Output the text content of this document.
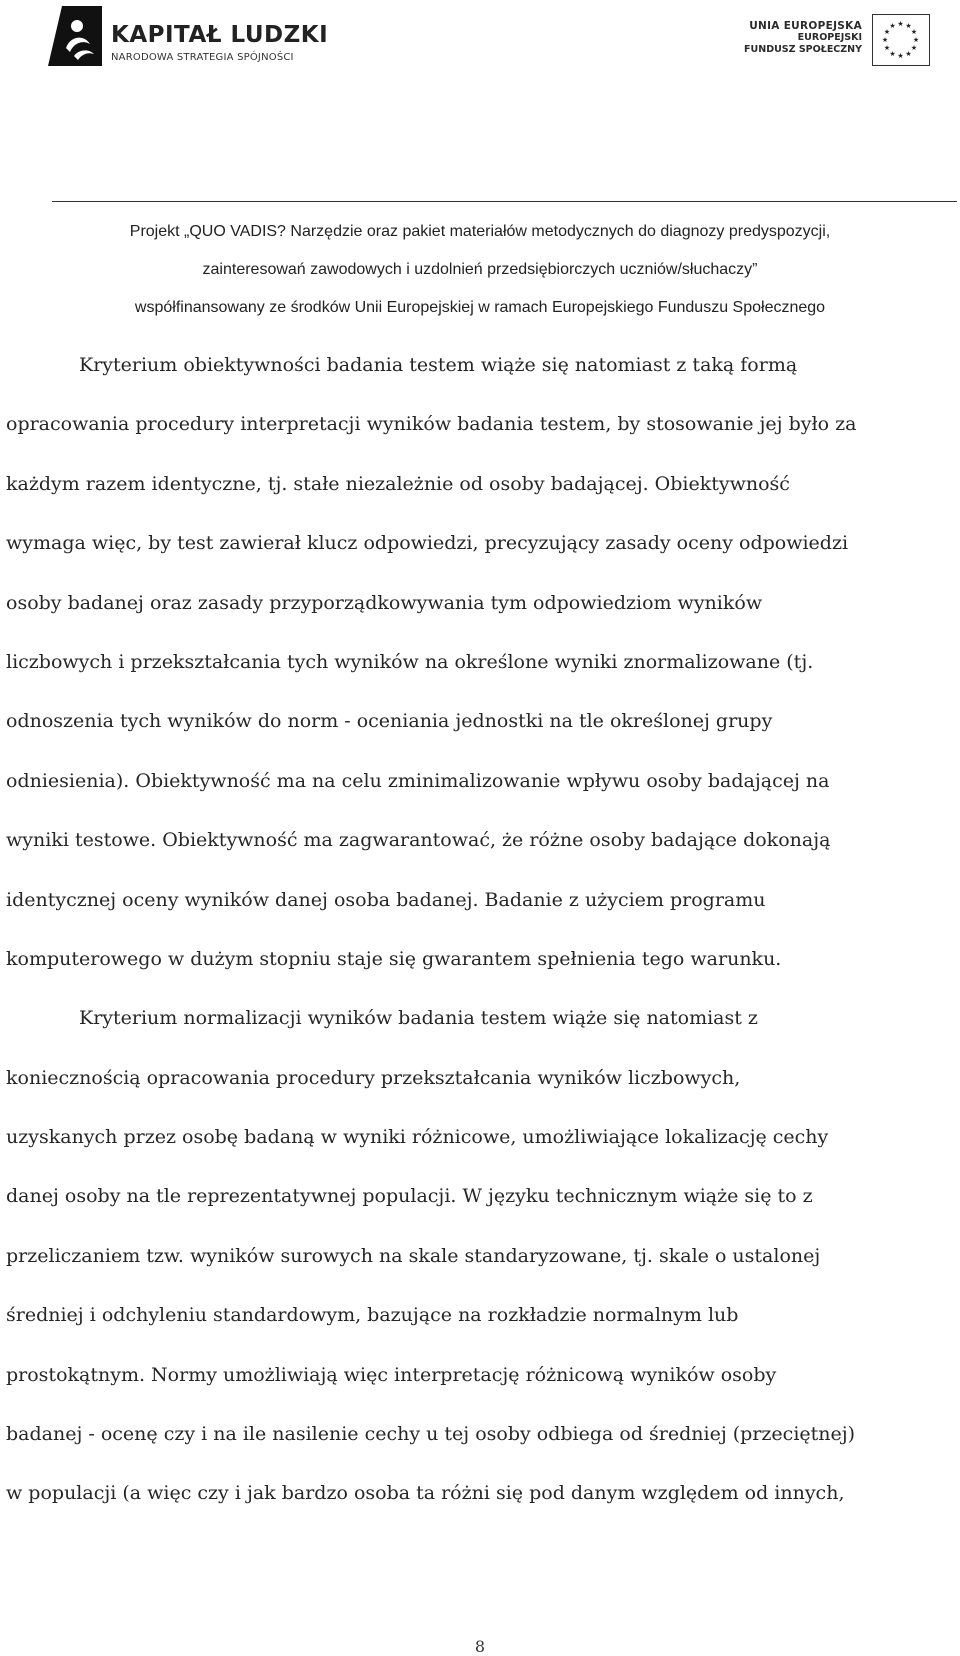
KAPITAŁ LUDZKI
NARODOWA STRATEGIA SPÓJNOŚCI
UNIA EUROPEJSKA
EUROPEJSKI
FUNDUSZ SPOŁECZNY
★ ★
★
★
★
★
★
★
★
★
★
★
Projekt „QUO VADIS? Narzędzie oraz pakiet materiałów metodycznych do diagnozy predyspozycji,
zainteresowań zawodowych i uzdolnień przedsiębiorczych uczniów/słuchaczy”
współfinansowany ze środków Unii Europejskiej w ramach Europejskiego Funduszu Społecznego
Kryterium obiektywności badania testem wiąże się natomiast z taką formą
opracowania procedury interpretacji wyników badania testem, by stosowanie jej było za
każdym razem identyczne, tj. stałe niezależnie od osoby badającej. Obiektywność
wymaga więc, by test zawierał klucz odpowiedzi, precyzujący zasady oceny odpowiedzi
osoby badanej oraz zasady przyporządkowywania tym odpowiedziom wyników
liczbowych i przekształcania tych wyników na określone wyniki znormalizowane (tj.
odnoszenia tych wyników do norm - oceniania jednostki na tle określonej grupy
odniesienia). Obiektywność ma na celu zminimalizowanie wpływu osoby badającej na
wyniki testowe. Obiektywność ma zagwarantować, że różne osoby badające dokonają
identycznej oceny wyników danej osoba badanej. Badanie z użyciem programu
komputerowego w dużym stopniu staje się gwarantem spełnienia tego warunku.
Kryterium normalizacji wyników badania testem wiąże się natomiast z
koniecznością opracowania procedury przekształcania wyników liczbowych,
uzyskanych przez osobę badaną w wyniki różnicowe, umożliwiające lokalizację cechy
danej osoby na tle reprezentatywnej populacji. W języku technicznym wiąże się to z
przeliczaniem tzw. wyników surowych na skale standaryzowane, tj. skale o ustalonej
średniej i odchyleniu standardowym, bazujące na rozkładzie normalnym lub
prostokątnym. Normy umożliwiają więc interpretację różnicową wyników osoby
badanej - ocenę czy i na ile nasilenie cechy u tej osoby odbiega od średniej (przeciętnej)
w populacji (a więc czy i jak bardzo osoba ta różni się pod danym względem od innych,
8
